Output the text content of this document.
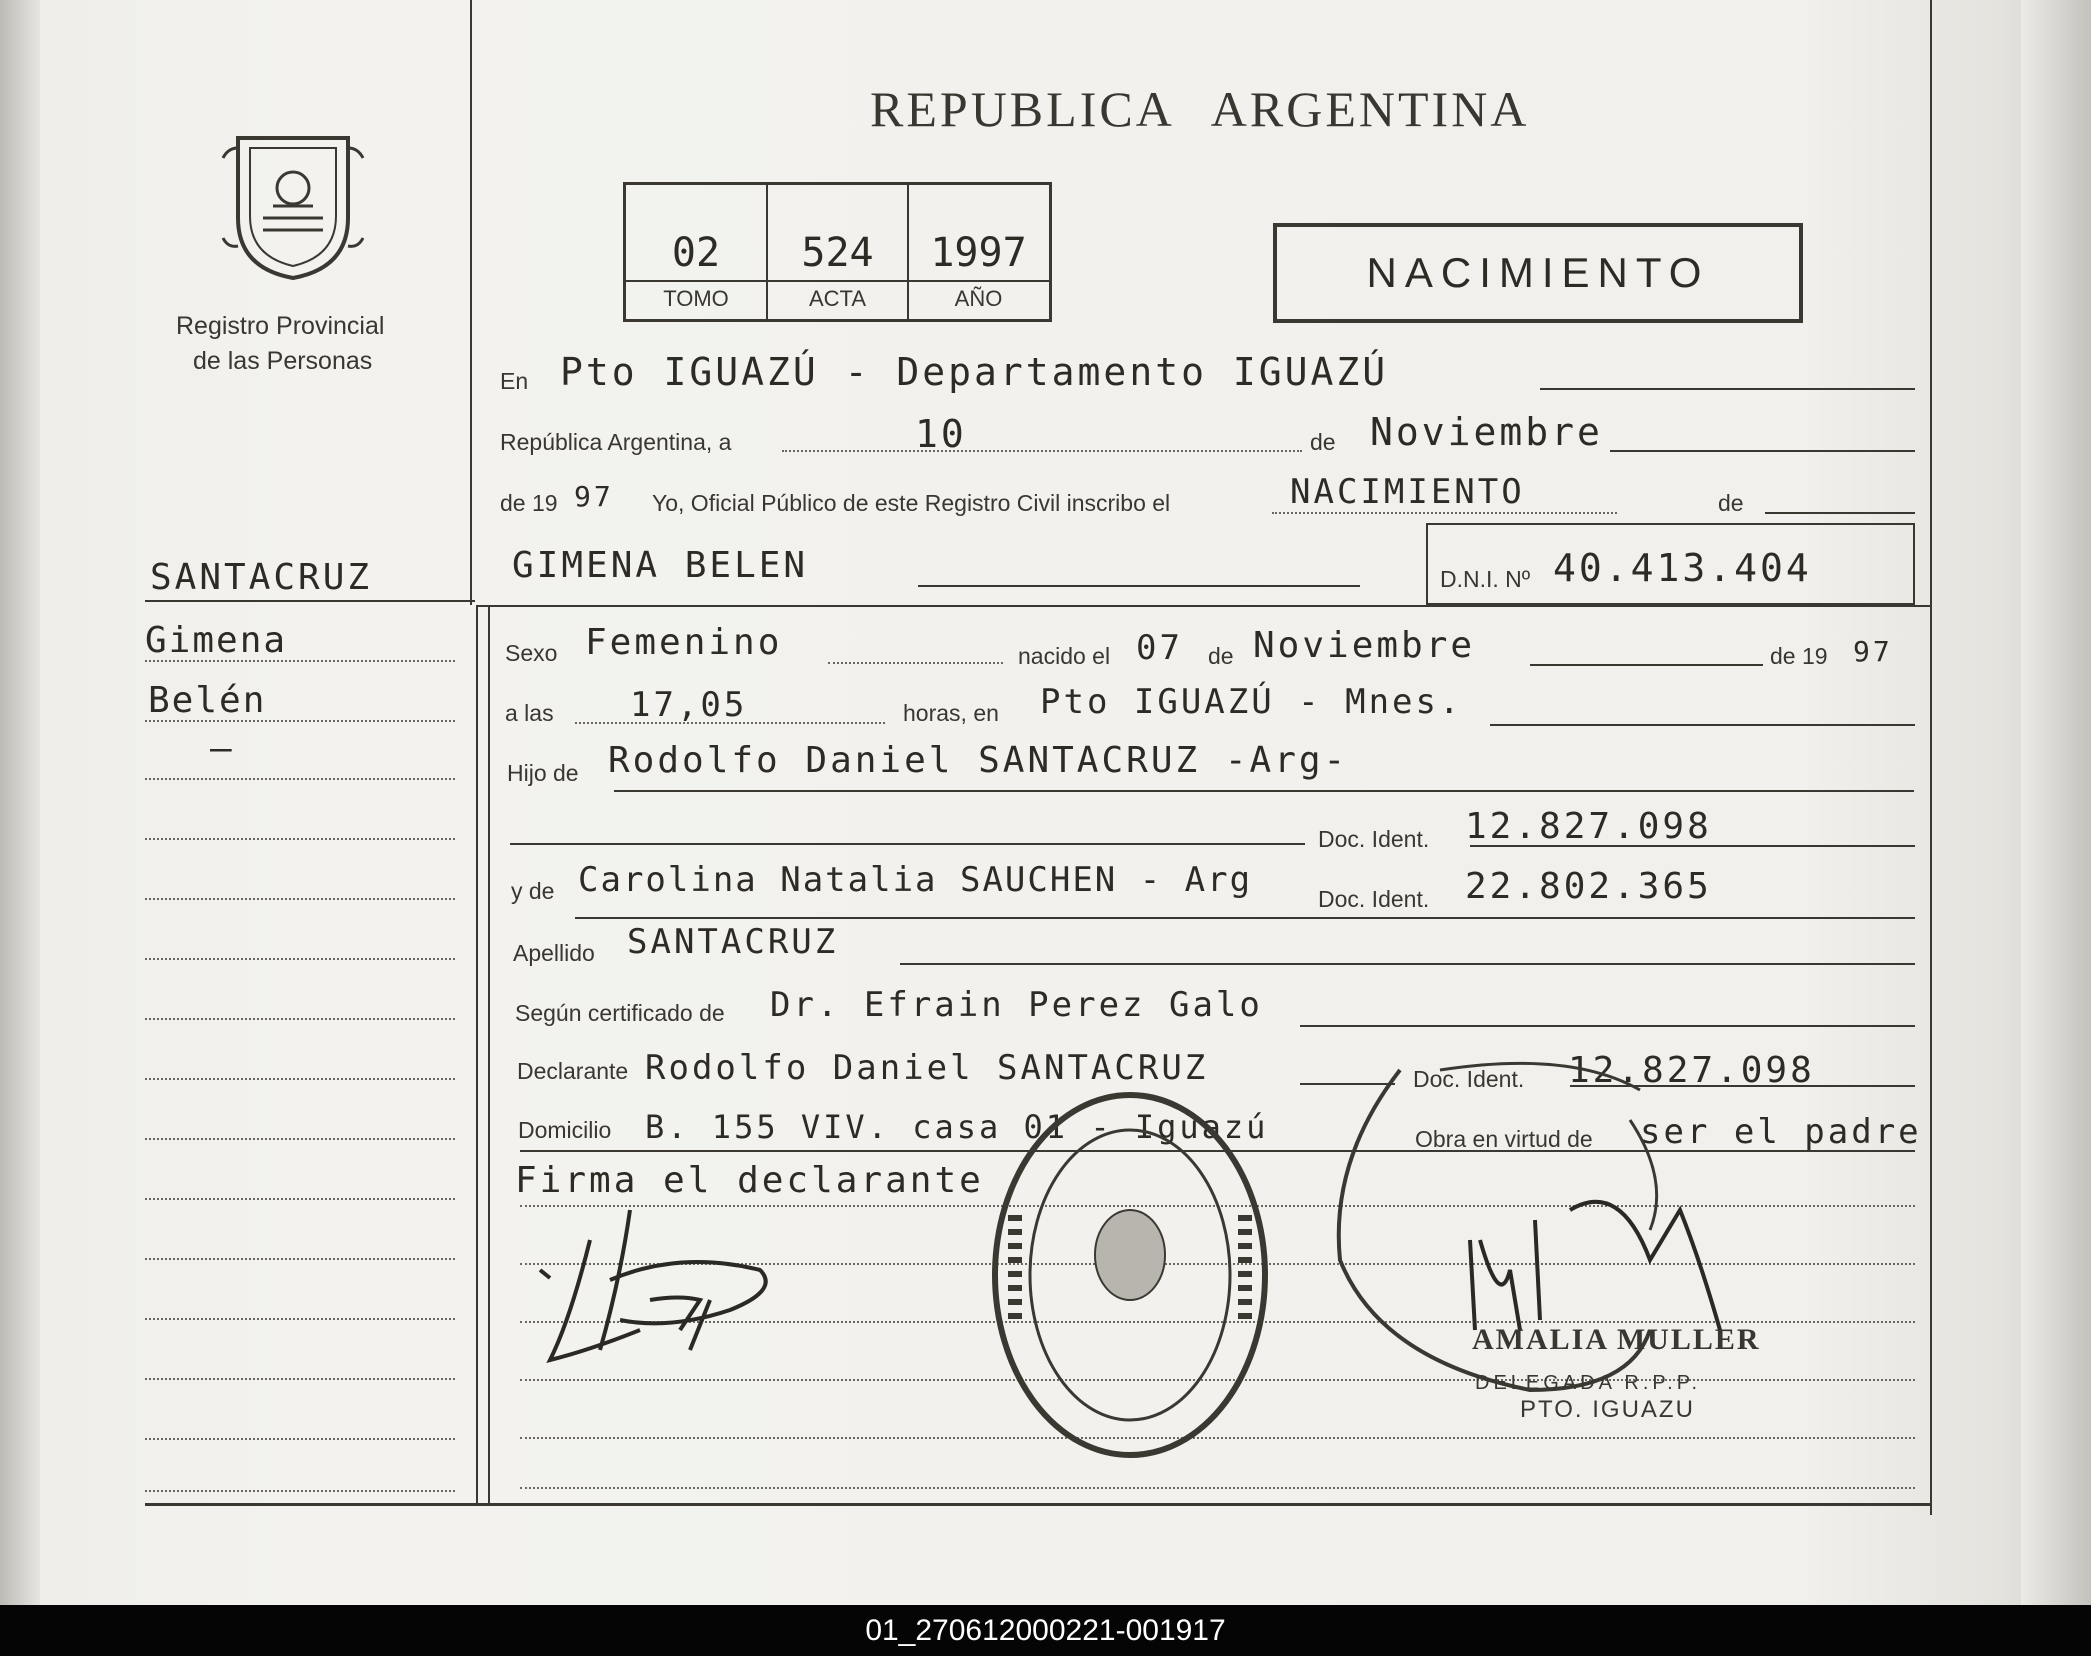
Registro Provincial
de las Personas
REPUBLICA ARGENTINA
02	524	1997
TOMO	ACTA	AÑO
NACIMIENTO
En Pto IGUAZÚ - Departamento IGUAZÚ
República Argentina, a	10	de Noviembre
de 19 97 Yo, Oficial Público de este Registro Civil inscribo el	NACIMIENTO	de
GIMENA BELEN	D.N.I. Nº 40.413.404
SANTACRUZ
Gimena
Belén
—
Sexo Femenino	nacido el 07 de Noviembre	de 19 97
a las 17,05	horas, en Pto IGUAZÚ - Mnes.
Hijo de Rodolfo Daniel SANTACRUZ -Arg-
Doc. Ident. 12.827.098
y de Carolina Natalia SAUCHEN - Arg	Doc. Ident. 22.802.365
Apellido SANTACRUZ
Según certificado de Dr. Efrain Perez Galo
Declarante Rodolfo Daniel SANTACRUZ	Doc. Ident. 12.827.098
Domicilio B. 155 VIV. casa 01 - Iguazú	Obra en virtud de ser el padre
Firma el declarante
AMALIA MULLER
DELEGADA R.P.P.
PTO. IGUAZU
01_270612000221-001917
